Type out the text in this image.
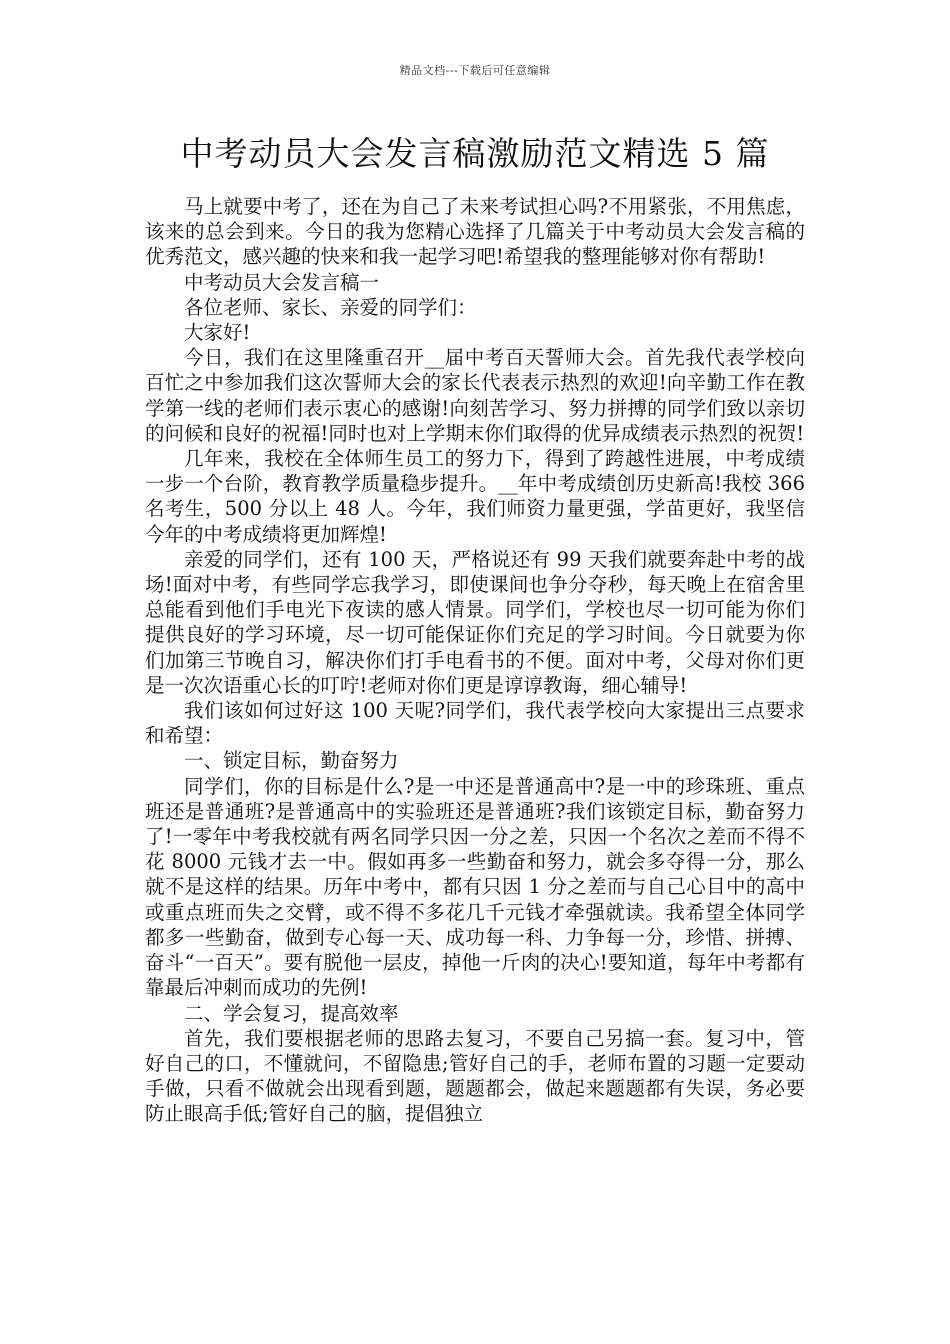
精品文档---下载后可任意编辑
中考动员大会发言稿激励范文精选 5 篇

马上就要中考了，还在为自己了未来考试担心吗?不用紧张，不用焦虑，该来的总会到来。今日的我为您精心选择了几篇关于中考动员大会发言稿的优秀范文，感兴趣的快来和我一起学习吧!希望我的整理能够对你有帮助!

中考动员大会发言稿一

各位老师、家长、亲爱的同学们：

大家好!

今日，我们在这里隆重召开__届中考百天誓师大会。首先我代表学校向百忙之中参加我们这次誓师大会的家长代表表示热烈的欢迎!向辛勤工作在教学第一线的老师们表示衷心的感谢!向刻苦学习、努力拼搏的同学们致以亲切的问候和良好的祝福!同时也对上学期末你们取得的优异成绩表示热烈的祝贺!

几年来，我校在全体师生员工的努力下，得到了跨越性进展，中考成绩一步一个台阶，教育教学质量稳步提升。__年中考成绩创历史新高!我校 366 名考生，500 分以上 48 人。今年，我们师资力量更强，学苗更好，我坚信今年的中考成绩将更加辉煌!

亲爱的同学们，还有 100 天，严格说还有 99 天我们就要奔赴中考的战场!面对中考，有些同学忘我学习，即使课间也争分夺秒，每天晚上在宿舍里总能看到他们手电光下夜读的感人情景。同学们，学校也尽一切可能为你们提供良好的学习环境，尽一切可能保证你们充足的学习时间。今日就要为你们加第三节晚自习，解决你们打手电看书的不便。面对中考，父母对你们更是一次次语重心长的叮咛!老师对你们更是谆谆教诲，细心辅导!

我们该如何过好这 100 天呢?同学们，我代表学校向大家提出三点要求和希望：

一、锁定目标，勤奋努力

同学们，你的目标是什么?是一中还是普通高中?是一中的珍珠班、重点班还是普通班?是普通高中的实验班还是普通班?我们该锁定目标，勤奋努力了!一零年中考我校就有两名同学只因一分之差，只因一个名次之差而不得不花 8000 元钱才去一中。假如再多一些勤奋和努力，就会多夺得一分，那么就不是这样的结果。历年中考中，都有只因 1 分之差而与自己心目中的高中或重点班而失之交臂，或不得不多花几千元钱才牵强就读。我希望全体同学都多一些勤奋，做到专心每一天、成功每一科、力争每一分，珍惜、拼搏、奋斗“一百天”。要有脱他一层皮，掉他一斤肉的决心!要知道，每年中考都有靠最后冲刺而成功的先例!

二、学会复习，提高效率

首先，我们要根据老师的思路去复习，不要自己另搞一套。复习中，管好自己的口，不懂就问，不留隐患;管好自己的手，老师布置的习题一定要动手做，只看不做就会出现看到题，题题都会，做起来题题都有失误，务必要防止眼高手低;管好自己的脑，提倡独立
